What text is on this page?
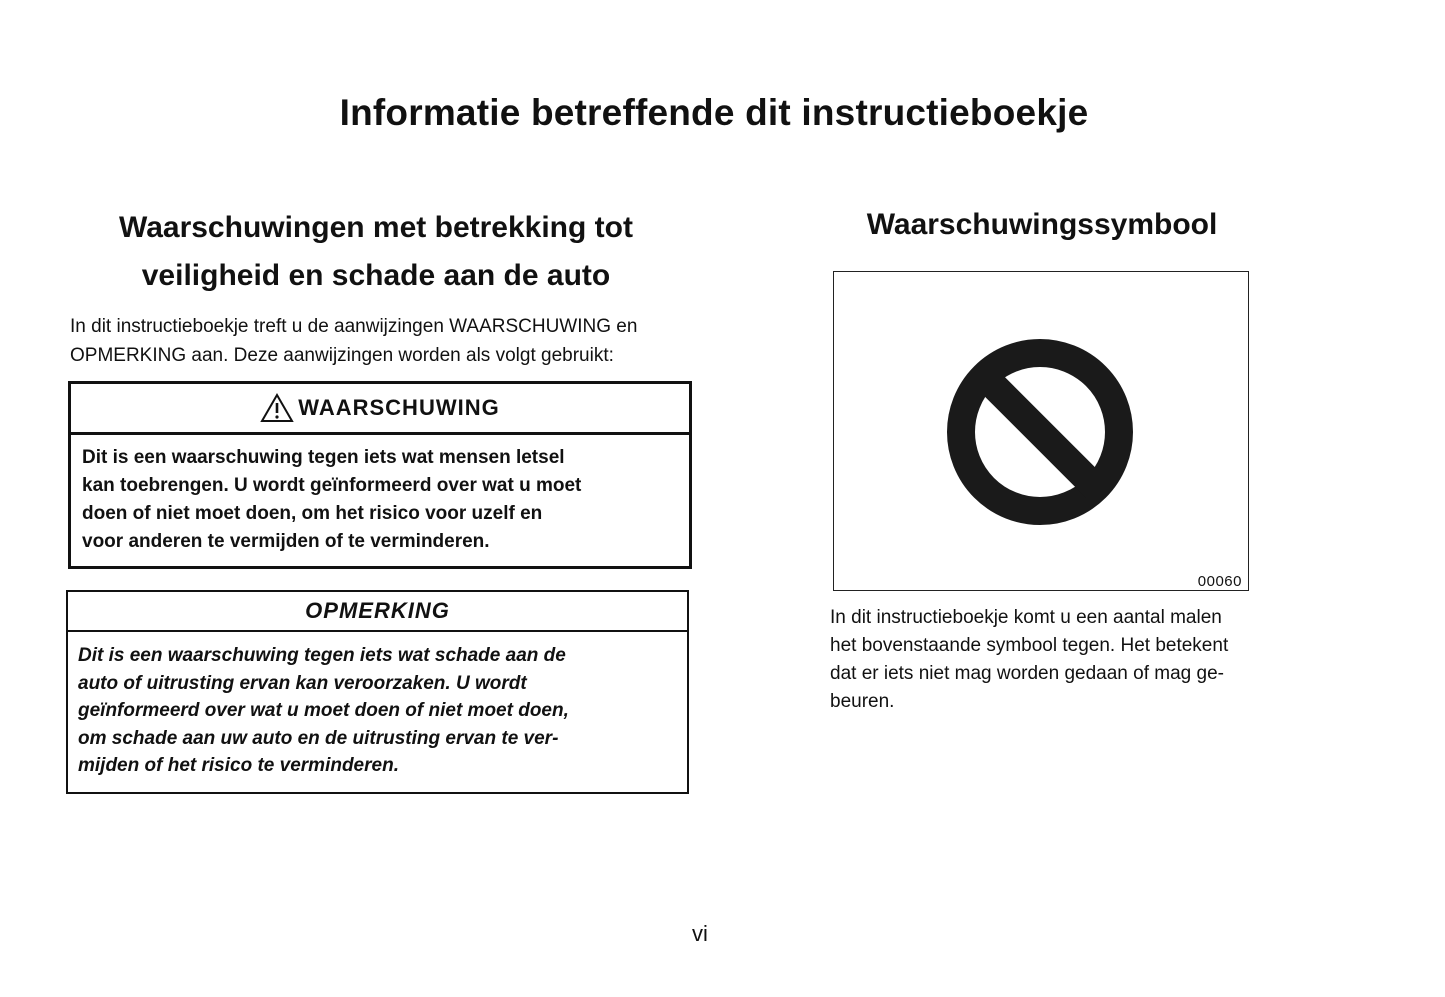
Informatie betreffende dit instructieboekje
Waarschuwingen met betrekking tot
veiligheid en schade aan de auto

In dit instructieboekje treft u de aanwijzingen WAARSCHUWING en
OPMERKING aan. Deze aanwijzingen worden als volgt gebruikt:

WAARSCHUWING
Dit is een waarschuwing tegen iets wat mensen letsel
kan toebrengen. U wordt geïnformeerd over wat u moet
doen of niet moet doen, om het risico voor uzelf en
voor anderen te vermijden of te verminderen.
OPMERKING
Dit is een waarschuwing tegen iets wat schade aan de
auto of uitrusting ervan kan veroorzaken. U wordt
geïnformeerd over wat u moet doen of niet moet doen,
om schade aan uw auto en de uitrusting ervan te ver-
mijden of het risico te verminderen.
Waarschuwingssymbool
00060

In dit instructieboekje komt u een aantal malen
het bovenstaande symbool tegen. Het betekent
dat er iets niet mag worden gedaan of mag ge-
beuren.

vi
